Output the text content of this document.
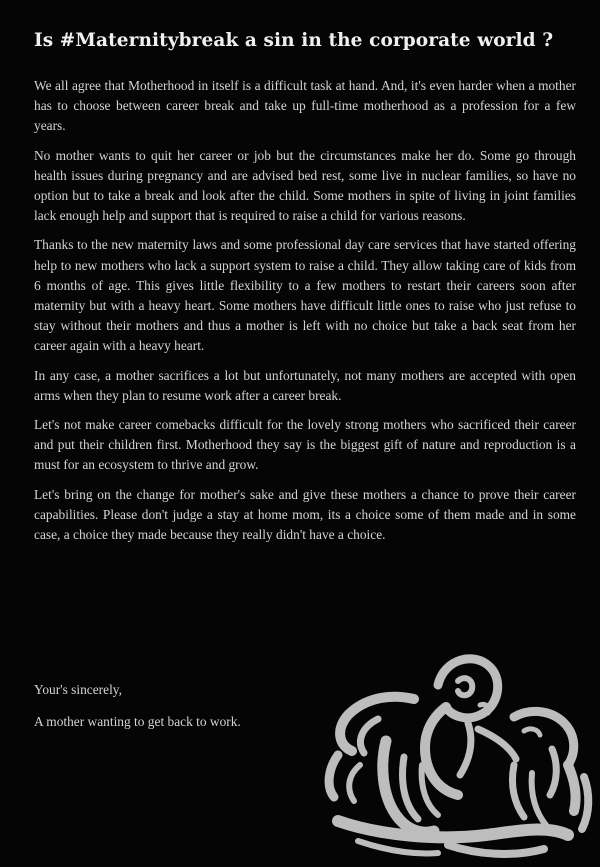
Is #Maternitybreak a sin in the corporate world ?

We all agree that Motherhood in itself is a difficult task at hand. And, it's even harder when a mother has to choose between career break and take up full-time motherhood as a profession for a few years.

No mother wants to quit her career or job but the circumstances make her do. Some go through health issues during pregnancy and are advised bed rest, some live in nuclear families, so have no option but to take a break and look after the child. Some mothers in spite of living in joint families lack enough help and support that is required to raise a child for various reasons.

Thanks to the new maternity laws and some professional day care services that have started offering help to new mothers who lack a support system to raise a child. They allow taking care of kids from 6 months of age. This gives little flexibility to a few mothers to restart their careers soon after maternity but with a heavy heart. Some mothers have difficult little ones to raise who just refuse to stay without their mothers and thus a mother is left with no choice but take a back seat from her career again with a heavy heart.

In any case, a mother sacrifices a lot but unfortunately, not many mothers are accepted with open arms when they plan to resume work after a career break.

Let's not make career comebacks difficult for the lovely strong mothers who sacrificed their career and put their children first. Motherhood they say is the biggest gift of nature and reproduction is a must for an ecosystem to thrive and grow.

Let's bring on the change for mother's sake and give these mothers a chance to prove their career capabilities. Please don't judge a stay at home mom, its a choice some of them made and in some case, a choice they made because they really didn't have a choice.

Your's sincerely,

A mother wanting to get back to work.
